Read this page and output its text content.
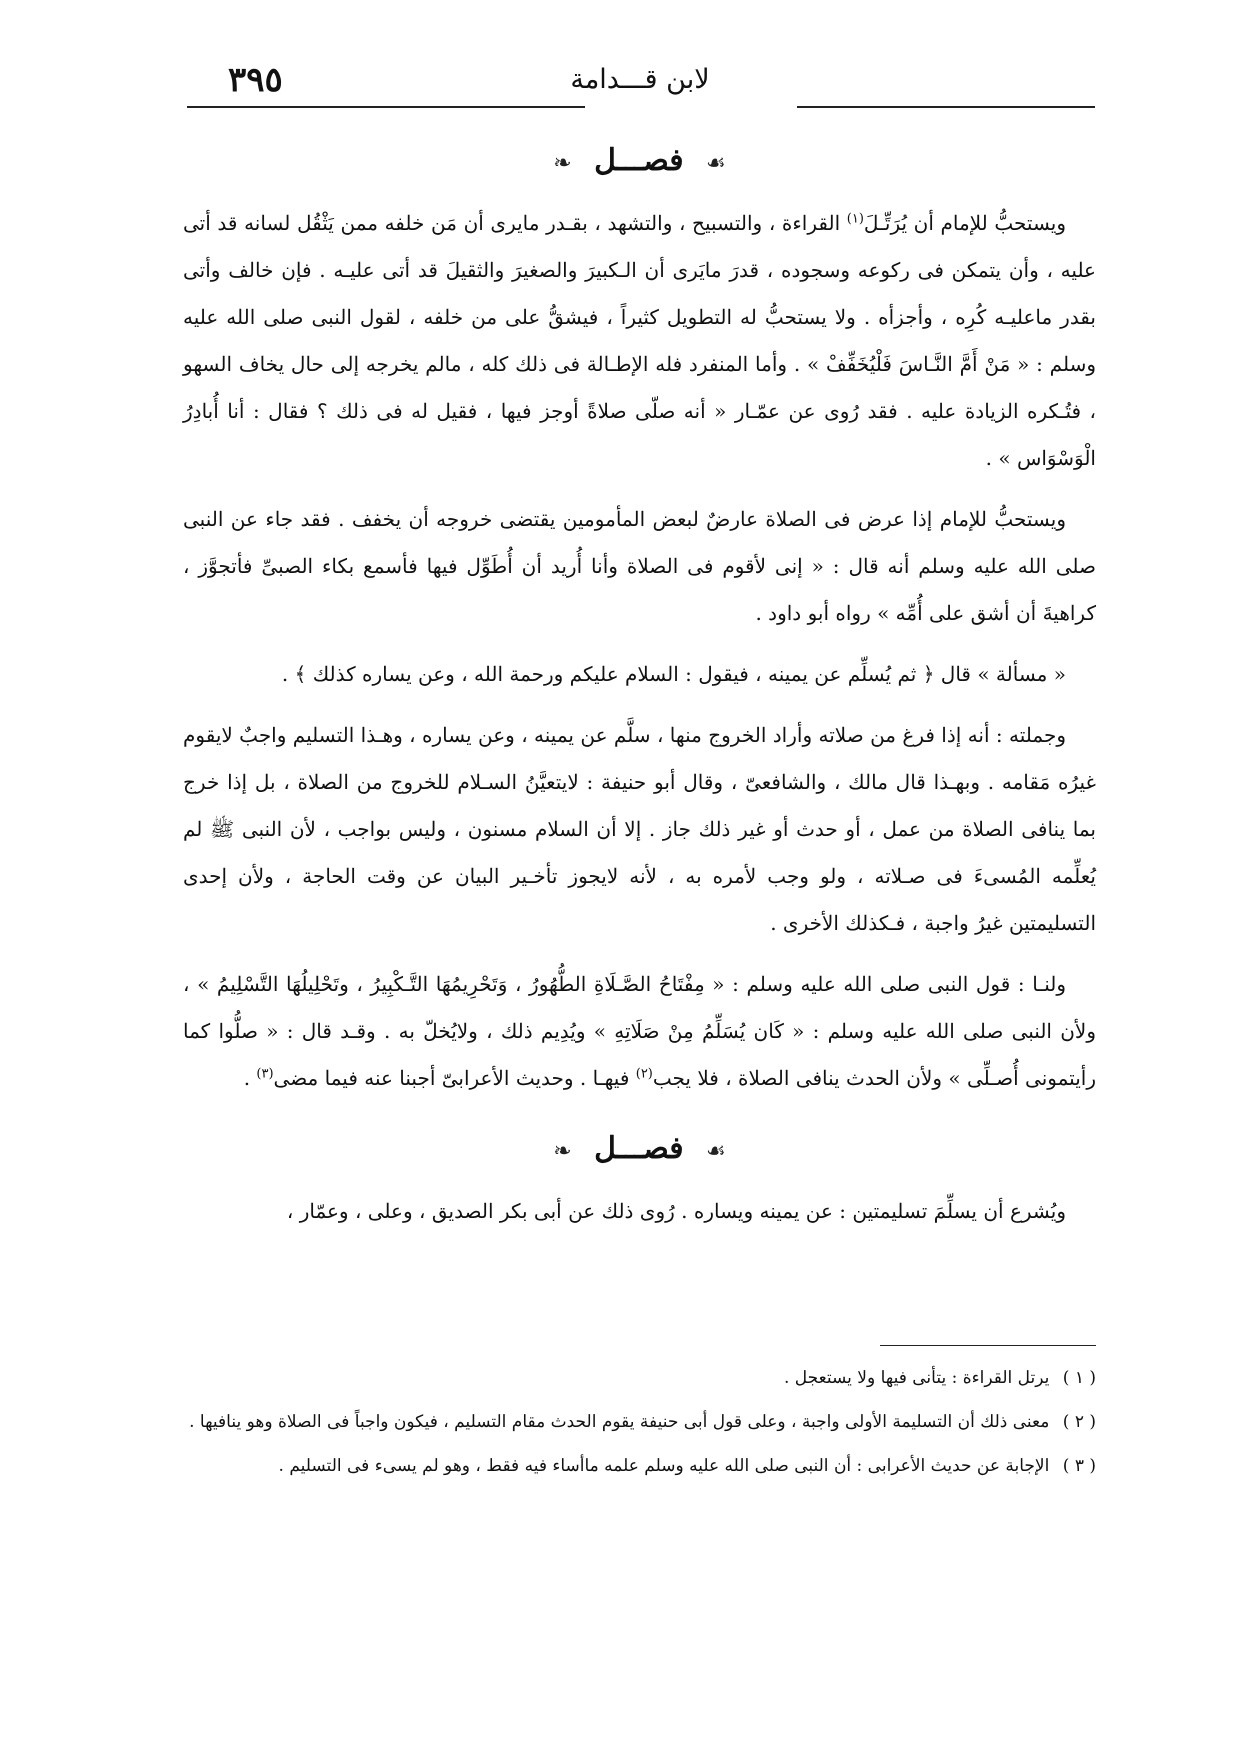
لابن قـــدامة
٣٩٥
☙ فصـــل ❧

ويستحبُّ للإمام أن يُرَتِّـلَ$^{(١)}$ القراءة ، والتسبيح ، والتشهد ، بقـدر مايرى أن مَن خلفه ممن يَثْقُل لسانه قد أتى عليه ، وأن يتمكن فى ركوعه وسجوده ، قدرَ مايَرى أن الـكبيرَ والصغيرَ والثقيلَ قد أتى عليـه . فإن خالف وأتى بقدر ماعليـه كُرِه ، وأجزأه . ولا يستحبُّ له التطويل كثيراً ، فيشقُّ على من خلفه ، لقول النبى صلى الله عليه وسلم : « مَنْ أَمَّ النَّـاسَ فَلْيُخَفِّفْ » . وأما المنفرد فله الإطـالة فى ذلك كله ، مالم يخرجه إلى حال يخاف السهو ، فتُـكره الزيادة عليه . فقد رُوى عن عمّـار « أنه صلّى صلاةً أوجز فيها ، فقيل له فى ذلك ؟ فقال : أنا أُبادِرُ الْوَسْوَاس » .

ويستحبُّ للإمام إذا عرض فى الصلاة عارضٌ لبعض المأمومين يقتضى خروجه أن يخفف . فقد جاء عن النبى صلى الله عليه وسلم أنه قال : « إنى لأقوم فى الصلاة وأنا أُريد أن أُطَوِّل فيها فأسمع بكاء الصبىِّ فأتجوَّز ، كراهيةَ أن أشق على أُمِّه » رواه أبو داود .

« مسألة » قال ﴿ ثم يُسلِّم عن يمينه ، فيقول : السلام عليكم ورحمة الله ، وعن يساره كذلك ﴾ .

وجملته : أنه إذا فرغ من صلاته وأراد الخروج منها ، سلَّم عن يمينه ، وعن يساره ، وهـذا التسليم واجبٌ لايقوم غيرُه مَقامه . وبهـذا قال مالك ، والشافعىّ ، وقال أبو حنيفة : لايتعيَّنُ السـلام للخروج من الصلاة ، بل إذا خرج بما ينافى الصلاة من عمل ، أو حدث أو غير ذلك جاز . إلا أن السلام مسنون ، وليس بواجب ، لأن النبى ﷺ لم يُعلِّمه المُسىءَ فى صـلاته ، ولو وجب لأمره به ، لأنه لايجوز تأخـير البيان عن وقت الحاجة ، ولأن إحدى التسليمتين غيرُ واجبة ، فـكذلك الأخرى .

ولنـا : قول النبى صلى الله عليه وسلم : « مِفْتَاحُ الصَّـلَاةِ الطُّهُورُ ، وَتَحْرِيمُهَا التَّـكْبِيرُ ، وتَحْلِيلُهَا التَّسْلِيمُ » ، ولأن النبى صلى الله عليه وسلم : « كَان يُسَلِّمُ مِنْ صَلَاتِهِ » ويُدِيم ذلك ، ولايُخلّ به . وقـد قال : « صلُّوا كما رأيتمونى أُصـلِّى » ولأن الحدث ينافى الصلاة ، فلا يجب$^{(٢)}$ فيهـا . وحديث الأعرابىّ أجبنا عنه فيما مضى$^{(٣)}$ .

☙ فصـــل ❧

ويُشرع أن يسلِّمَ تسليمتين : عن يمينه ويساره . رُوى ذلك عن أبى بكر الصديق ، وعلى ، وعمّار ،

( ١ ) يرتل القراءة : يتأنى فيها ولا يستعجل .
( ٢ ) معنى ذلك أن التسليمة الأولى واجبة ، وعلى قول أبى حنيفة يقوم الحدث مقام التسليم ، فيكون واجباً فى الصلاة وهو ينافيها .
( ٣ ) الإجابة عن حديث الأعرابى : أن النبى صلى الله عليه وسلم علمه ماأساء فيه فقط ، وهو لم يسىء فى التسليم .
